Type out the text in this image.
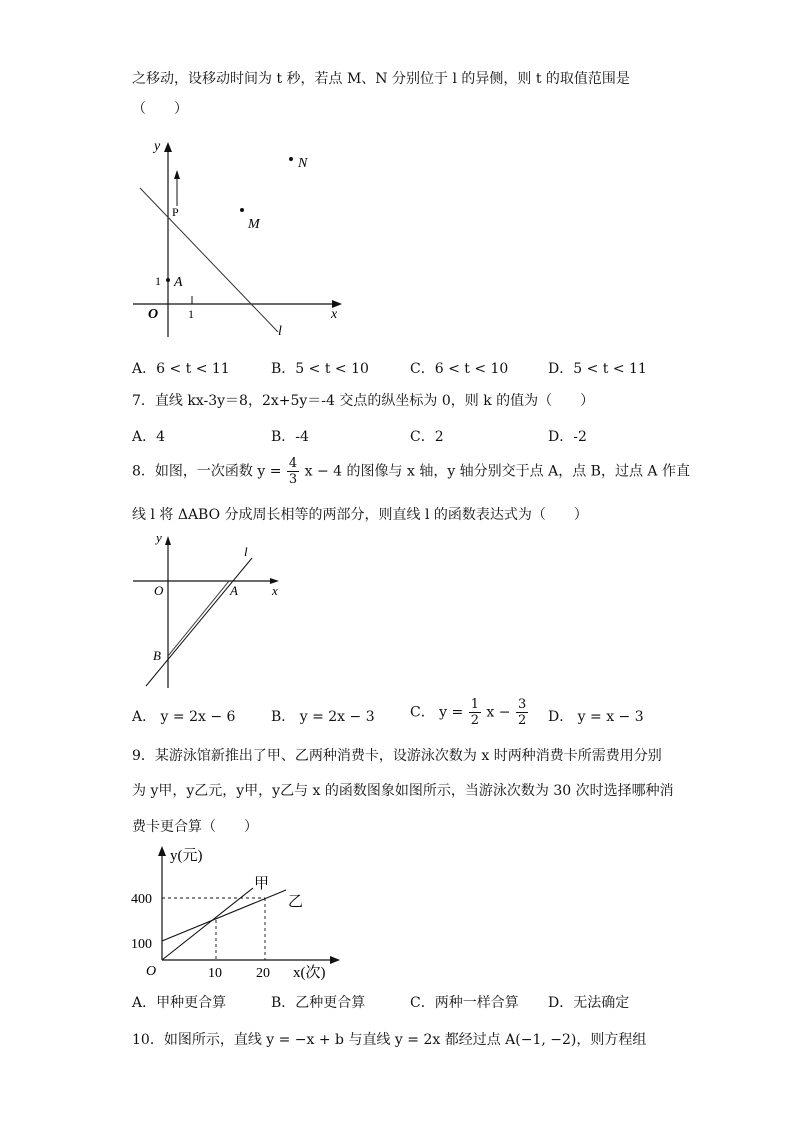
之移动，设移动时间为 t 秒，若点 M、N 分别位于 l 的异侧，则 t 的取值范围是
（　　）
y
x
O
1
1
A
P
M
N
l
A．6 < t < 11	B．5 < t < 10	C．6 < t < 10	D．5 < t < 11
7．直线 kx-3y＝8，2x+5y＝-4 交点的纵坐标为 0，则 k 的值为（　　）
A．4	B．-4	C．2	D．-2
8．如图，一次函数 $y = \frac{4}{3}$ x − 4 的图像与 x 轴，y 轴分别交于点 A，点 B，过点 A 作直
线 l 将 ΔABO 分成周长相等的两部分，则直线 l 的函数表达式为（　　）
y
x
O	A
B
l
A． y = 2x − 6	B． y = 2x − 3	C． $y = \frac{1}{2}$ $x - \frac{3}{2}$ D． y = x − 3
9．某游泳馆新推出了甲、乙两种消费卡，设游泳次数为 x 时两种消费卡所需费用分别
为 y甲，y乙元，y甲，y乙与 x 的函数图象如图所示，当游泳次数为 30 次时选择哪种消
费卡更合算（　　）
y(元)
x(次)
O
400
100
10 20
甲
乙
A．甲种更合算	B．乙种更合算	C．两种一样合算 D．无法确定
10．如图所示，直线 y = −x + b 与直线 y = 2x 都经过点 A(−1, −2)，则方程组
